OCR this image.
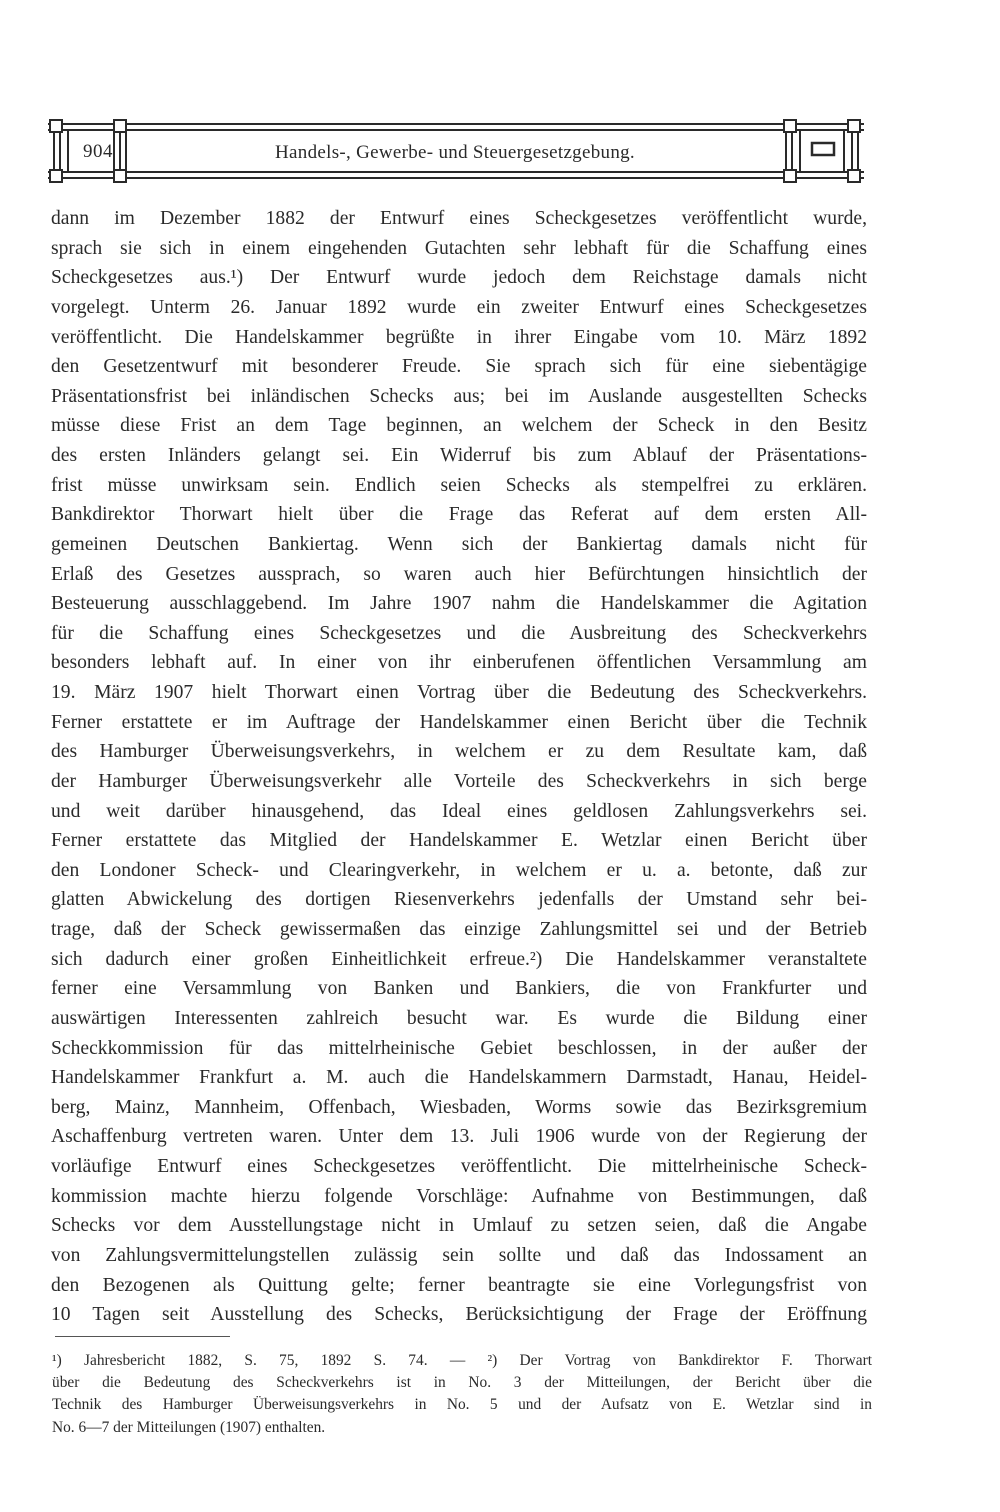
904	Handels-, Gewerbe- und Steuergesetzgebung.
dann im Dezember 1882 der Entwurf eines Scheckgesetzes veröffentlicht wurde,
sprach sie sich in einem eingehenden Gutachten sehr lebhaft für die Schaffung eines
Scheckgesetzes aus.¹) Der Entwurf wurde jedoch dem Reichstage damals nicht
vorgelegt. Unterm 26. Januar 1892 wurde ein zweiter Entwurf eines Scheckgesetzes
veröffentlicht. Die Handelskammer begrüßte in ihrer Eingabe vom 10. März 1892
den Gesetzentwurf mit besonderer Freude. Sie sprach sich für eine siebentägige
Präsentationsfrist bei inländischen Schecks aus; bei im Auslande ausgestellten Schecks
müsse diese Frist an dem Tage beginnen, an welchem der Scheck in den Besitz
des ersten Inländers gelangt sei. Ein Widerruf bis zum Ablauf der Präsentations-
frist müsse unwirksam sein. Endlich seien Schecks als stempelfrei zu erklären.
Bankdirektor Thorwart hielt über die Frage das Referat auf dem ersten All-
gemeinen Deutschen Bankiertag. Wenn sich der Bankiertag damals nicht für
Erlaß des Gesetzes aussprach, so waren auch hier Befürchtungen hinsichtlich der
Besteuerung ausschlaggebend. Im Jahre 1907 nahm die Handelskammer die Agitation
für die Schaffung eines Scheckgesetzes und die Ausbreitung des Scheckverkehrs
besonders lebhaft auf. In einer von ihr einberufenen öffentlichen Versammlung am
19. März 1907 hielt Thorwart einen Vortrag über die Bedeutung des Scheckverkehrs.
Ferner erstattete er im Auftrage der Handelskammer einen Bericht über die Technik
des Hamburger Überweisungsverkehrs, in welchem er zu dem Resultate kam, daß
der Hamburger Überweisungsverkehr alle Vorteile des Scheckverkehrs in sich berge
und weit darüber hinausgehend, das Ideal eines geldlosen Zahlungsverkehrs sei.
Ferner erstattete das Mitglied der Handelskammer E. Wetzlar einen Bericht über
den Londoner Scheck- und Clearingverkehr, in welchem er u. a. betonte, daß zur
glatten Abwickelung des dortigen Riesenverkehrs jedenfalls der Umstand sehr bei-
trage, daß der Scheck gewissermaßen das einzige Zahlungsmittel sei und der Betrieb
sich dadurch einer großen Einheitlichkeit erfreue.²) Die Handelskammer veranstaltete
ferner eine Versammlung von Banken und Bankiers, die von Frankfurter und
auswärtigen Interessenten zahlreich besucht war. Es wurde die Bildung einer
Scheckkommission für das mittelrheinische Gebiet beschlossen, in der außer der
Handelskammer Frankfurt a. M. auch die Handelskammern Darmstadt, Hanau, Heidel-
berg, Mainz, Mannheim, Offenbach, Wiesbaden, Worms sowie das Bezirksgremium
Aschaffenburg vertreten waren. Unter dem 13. Juli 1906 wurde von der Regierung der
vorläufige Entwurf eines Scheckgesetzes veröffentlicht. Die mittelrheinische Scheck-
kommission machte hierzu folgende Vorschläge: Aufnahme von Bestimmungen, daß
Schecks vor dem Ausstellungstage nicht in Umlauf zu setzen seien, daß die Angabe
von Zahlungsvermittelungstellen zulässig sein sollte und daß das Indossament an
den Bezogenen als Quittung gelte; ferner beantragte sie eine Vorlegungsfrist von
10 Tagen seit Ausstellung des Schecks, Berücksichtigung der Frage der Eröffnung
¹) Jahresbericht 1882, S. 75, 1892 S. 74. — ²) Der Vortrag von Bankdirektor F. Thorwart
über die Bedeutung des Scheckverkehrs ist in No. 3 der Mitteilungen, der Bericht über die
Technik des Hamburger Überweisungsverkehrs in No. 5 und der Aufsatz von E. Wetzlar sind in
No. 6—7 der Mitteilungen (1907) enthalten.
